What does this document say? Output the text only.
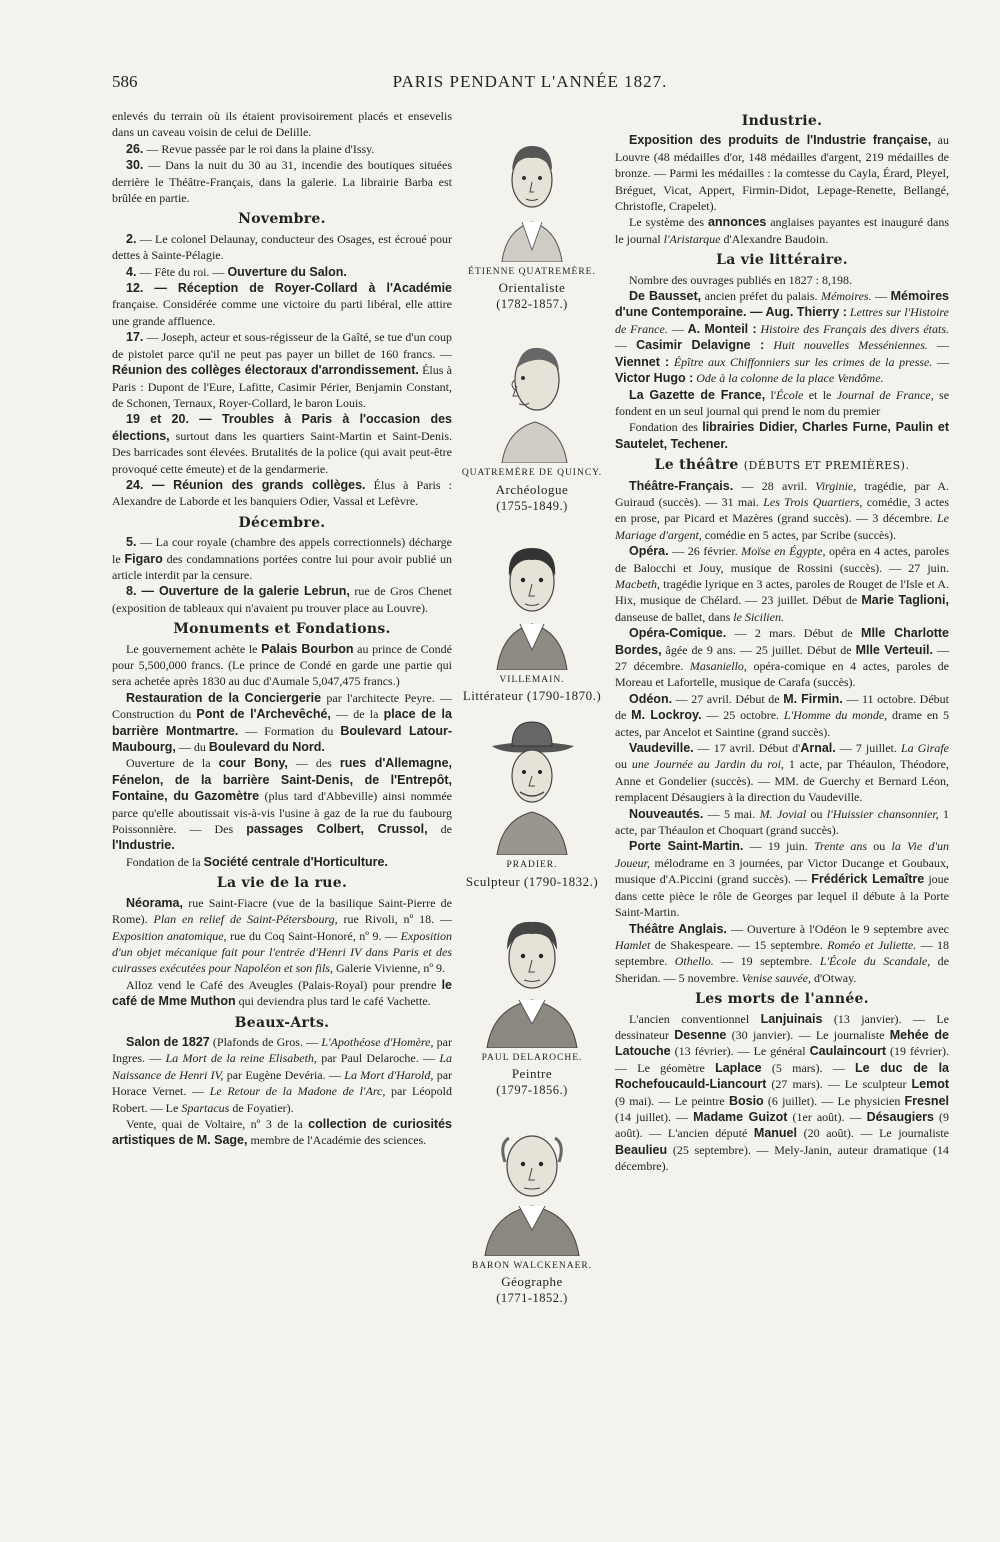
586	PARIS PENDANT L'ANNÉE 1827.

enlevés du terrain où ils étaient provisoirement placés et ensevelis dans un caveau voisin de celui de Delille.

26. — Revue passée par le roi dans la plaine d'Issy.

30. — Dans la nuit du 30 au 31, incendie des boutiques situées derrière le Théâtre-Français, dans la galerie. La librairie Barba est brûlée en partie.

Novembre.

2. — Le colonel Delaunay, conducteur des Osages, est écroué pour dettes à Sainte-Pélagie.

4. — Fête du roi. — Ouverture du Salon.

12. — Réception de Royer-Collard à l'Académie française. Considérée comme une victoire du parti libéral, elle attire une grande affluence.

17. — Joseph, acteur et sous-régisseur de la Gaîté, se tue d'un coup de pistolet parce qu'il ne peut pas payer un billet de 160 francs. — Réunion des collèges électoraux d'arrondissement. Élus à Paris : Dupont de l'Eure, Lafitte, Casimir Périer, Benjamin Constant, de Schonen, Ternaux, Royer-Collard, le baron Louis.

19 et 20. — Troubles à Paris à l'occasion des élections, surtout dans les quartiers Saint-Martin et Saint-Denis. Des barricades sont élevées. Brutalités de la police (qui avait peut-être provoqué cette émeute) et de la gendarmerie.

24. — Réunion des grands collèges. Élus à Paris : Alexandre de Laborde et les banquiers Odier, Vassal et Lefèvre.

Décembre.

5. — La cour royale (chambre des appels correctionnels) décharge le Figaro des condamnations portées contre lui pour avoir publié un article interdit par la censure.

8. — Ouverture de la galerie Lebrun, rue de Gros Chenet (exposition de tableaux qui n'avaient pu trouver place au Louvre).

Monuments et Fondations.

Le gouvernement achète le Palais Bourbon au prince de Condé pour 5,500,000 francs. (Le prince de Condé en garde une partie qui sera achetée après 1830 au duc d'Aumale 5,047,475 francs.)

Restauration de la Conciergerie par l'architecte Peyre. — Construction du Pont de l'Archevêché, — de la place de la barrière Montmartre. — Formation du Boulevard Latour-Maubourg, — du Boulevard du Nord.

Ouverture de la cour Bony, — des rues d'Allemagne, Fénelon, de la barrière Saint-Denis, de l'Entrepôt, Fontaine, du Gazomètre (plus tard d'Abbeville) ainsi nommée parce qu'elle aboutissait vis-à-vis l'usine à gaz de la rue du faubourg Poissonnière. — Des passages Colbert, Crussol, de l'Industrie.

Fondation de la Société centrale d'Horticulture.

La vie de la rue.

Néorama, rue Saint-Fiacre (vue de la basilique Saint-Pierre de Rome). Plan en relief de Saint-Pétersbourg, rue Rivoli, nº 18. —Exposition anatomique, rue du Coq Saint-Honoré, nº 9. — Exposition d'un objet mécanique fait pour l'entrée d'Henri IV dans Paris et des cuirasses exécutées pour Napoléon et son fils, Galerie Vivienne, nº 9.

Alloz vend le Café des Aveugles (Palais-Royal) pour prendre le café de Mme Muthon qui deviendra plus tard le café Vachette.

Beaux-Arts.

Salon de 1827 (Plafonds de Gros. — L'Apothéose d'Homère, par Ingres. — La Mort de la reine Elisabeth, par Paul Delaroche. — La Naissance de Henri IV, par Eugène Devéria. — La Mort d'Harold, par Horace Vernet. — Le Retour de la Madone de l'Arc, par Léopold Robert. — Le Spartacus de Foyatier).

Vente, quai de Voltaire, nº 3 de la collection de curiosités artistiques de M. Sage, membre de l'Académie des sciences.

ÉTIENNE QUATREMÈRE.
Orientaliste
(1782-1857.)
QUATREMÈRE DE QUINCY.
Archéologue
(1755-1849.)
VILLEMAIN.
Littérateur (1790-1870.)
PRADIER.
Sculpteur (1790-1832.)
PAUL DELAROCHE.
Peintre
(1797-1856.)
BARON WALCKENAER.
Géographe
(1771-1852.)
Industrie.

Exposition des produits de l'Industrie française, au Louvre (48 médailles d'or, 148 médailles d'argent, 219 médailles de bronze. — Parmi les médailles : la comtesse du Cayla, Érard, Pleyel, Bréguet, Vicat, Appert, Firmin-Didot, Lepage-Renette, Bellangé, Christofle, Crapelet).

Le système des annonces anglaises payantes est inauguré dans le journal l'Aristarque d'Alexandre Baudoin.

La vie littéraire.

Nombre des ouvrages publiés en 1827 : 8,198.

De Bausset, ancien préfet du palais. Mémoires. — Mémoires d'une Contemporaine. — Aug. Thierry : Lettres sur l'Histoire de France. — A. Monteil : Histoire des Français des divers états. — Casimir Delavigne : Huit nouvelles Messéniennes. — Viennet : Épître aux Chiffonniers sur les crimes de la presse. — Victor Hugo : Ode à la colonne de la place Vendôme.

La Gazette de France, l'École et le Journal de France, se fondent en un seul journal qui prend le nom du premier

Fondation des librairies Didier, Charles Furne, Paulin et Sautelet, Techener.

Le théâtre (DÉBUTS ET PREMIÈRES).

Théâtre-Français. — 28 avril. Virginie, tragédie, par A. Guiraud (succès). — 31 mai. Les Trois Quartiers, comédie, 3 actes en prose, par Picard et Mazères (grand succès). — 3 décembre. Le Mariage d'argent, comédie en 5 actes, par Scribe (succès).

Opéra. — 26 février. Moïse en Égypte, opéra en 4 actes, paroles de Balocchi et Jouy, musique de Rossini (succès). — 27 juin. Macbeth, tragédie lyrique en 3 actes, paroles de Rouget de l'Isle et A. Hix, musique de Chélard. — 23 juillet. Début de Marie Taglioni, danseuse de ballet, dans le Sicilien.

Opéra-Comique. — 2 mars. Début de Mlle Charlotte Bordes, âgée de 9 ans. — 25 juillet. Début de Mlle Verteuil. — 27 décembre. Masaniello, opéra-comique en 4 actes, paroles de Moreau et Lafortelle, musique de Carafa (succès).

Odéon. — 27 avril. Début de M. Firmin. — 11 octobre. Début de M. Lockroy. — 25 octobre. L'Homme du monde, drame en 5 actes, par Ancelot et Saintine (grand succès).

Vaudeville. — 17 avril. Début d'Arnal. — 7 juillet. La Girafe ou une Journée au Jardin du roi, 1 acte, par Théaulon, Théodore, Anne et Gondelier (succès). — MM. de Guerchy et Bernard Léon, remplacent Désaugiers à la direction du Vaudeville.

Nouveautés. — 5 mai. M. Jovial ou l'Huissier chansonnier, 1 acte, par Théaulon et Choquart (grand succès).

Porte Saint-Martin. — 19 juin. Trente ans ou la Vie d'un Joueur, mélodrame en 3 journées, par Victor Ducange et Goubaux, musique d'A.Piccini (grand succès). — Frédérick Lemaître joue dans cette pièce le rôle de Georges par lequel il débute à la Porte Saint-Martin.

Théâtre Anglais. — Ouverture à l'Odéon le 9 septembre avec Hamlet de Shakespeare. — 15 septembre. Roméo et Juliette. — 18 septembre. Othello. — 19 septembre. L'École du Scandale, de Sheridan. — 5 novembre. Venise sauvée, d'Otway.

Les morts de l'année.

L'ancien conventionnel Lanjuinais (13 janvier). — Le dessinateur Desenne (30 janvier). — Le journaliste Mehée de Latouche (13 février). — Le général Caulaincourt (19 février). — Le géomètre Laplace (5 mars). — Le duc de la Rochefoucauld-Liancourt (27 mars). — Le sculpteur Lemot (9 mai). — Le peintre Bosio (6 juillet). — Le physicien Fresnel (14 juillet). — Madame Guizot (1er août). — Désaugiers (9 août). — L'ancien député Manuel (20 août). — Le journaliste Beaulieu (25 septembre). — Mely-Janin, auteur dramatique (14 décembre).
